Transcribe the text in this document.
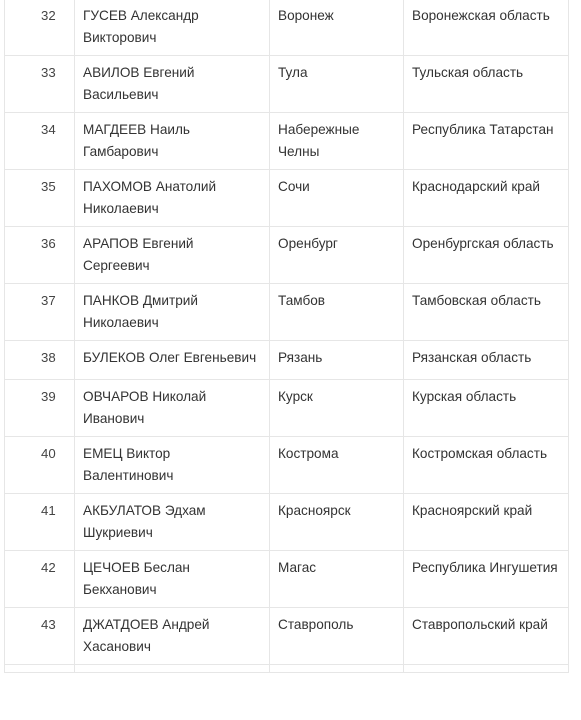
32	ГУСЕВ Александр Викторович	Воронеж	Воронежская область
33	АВИЛОВ Евгений Васильевич	Тула	Тульская область
34	МАГДЕЕВ Наиль Гамбарович	Набережные Челны	Республика Татарстан
35	ПАХОМОВ Анатолий Николаевич	Сочи	Краснодарский край
36	АРАПОВ Евгений Сергеевич	Оренбург	Оренбургская область
37	ПАНКОВ Дмитрий Николаевич	Тамбов	Тамбовская область
38	БУЛЕКОВ Олег Евгеньевич	Рязань	Рязанская область
39	ОВЧАРОВ Николай Иванович	Курск	Курская область
40	ЕМЕЦ Виктор Валентинович	Кострома	Костромская область
41	АКБУЛАТОВ Эдхам Шукриевич	Красноярск	Красноярский край
42	ЦЕЧОЕВ Беслан Бекханович	Магас	Республика Ингушетия
43	ДЖАТДОЕВ Андрей Хасанович	Ставрополь	Ставропольский край
